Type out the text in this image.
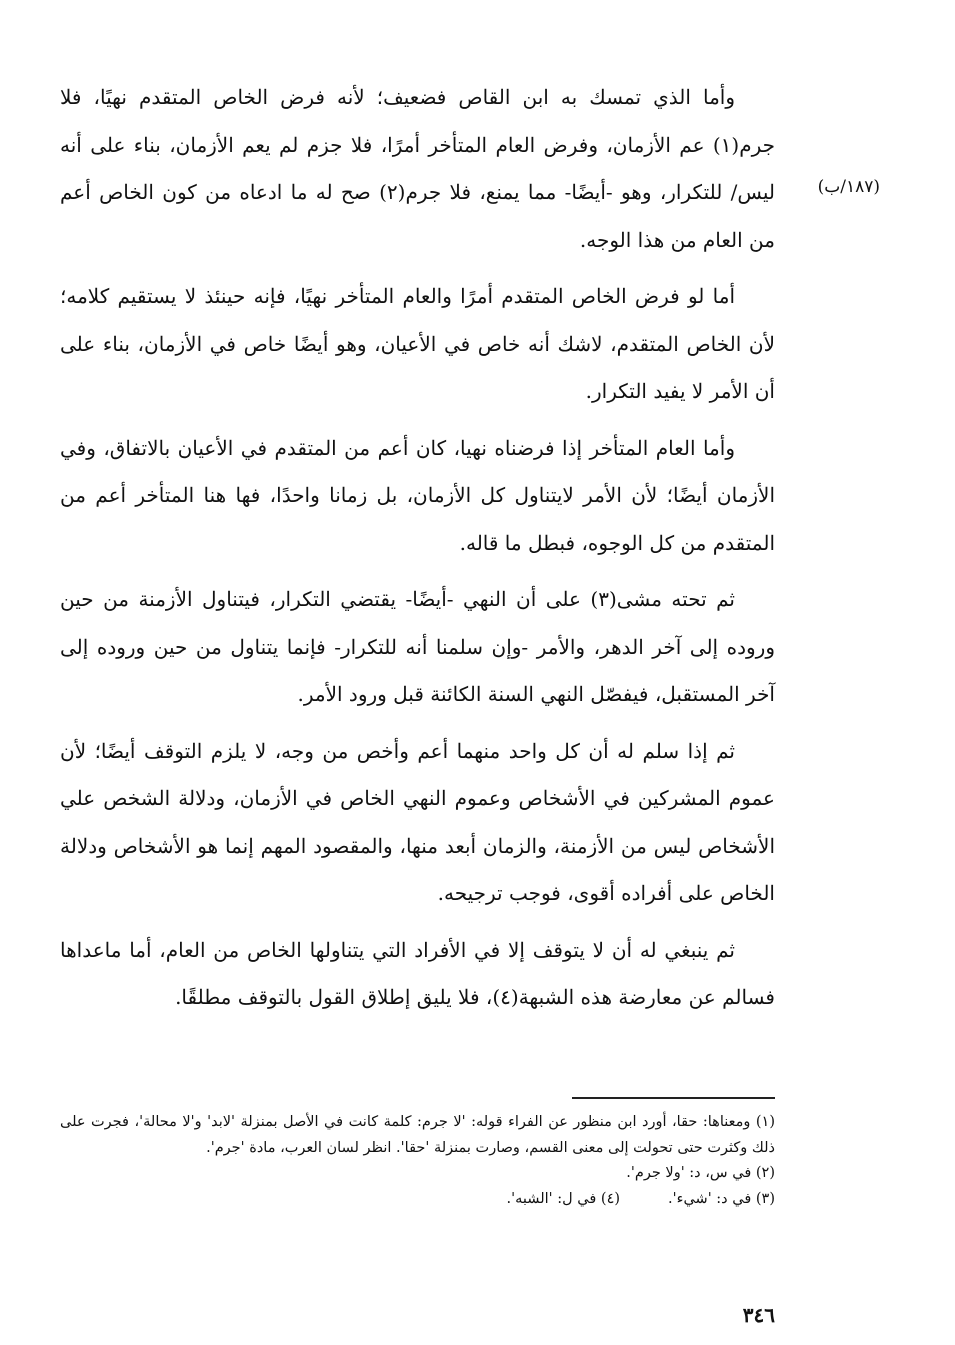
(١٨٧/ب)

وأما الذي تمسك به ابن القاص فضعيف؛ لأنه فرض الخاص المتقدم نهيًا، فلا جرم(١) عم الأزمان، وفرض العام المتأخر أمرًا، فلا جزم لم يعم الأزمان، بناء على أنه ليس/ للتكرار، وهو -أيضًا- مما يمنع، فلا جرم(٢) صح له ما ادعاه من كون الخاص أعم من العام من هذا الوجه.

أما لو فرض الخاص المتقدم أمرًا والعام المتأخر نهيًا، فإنه حينئذ لا يستقيم كلامه؛ لأن الخاص المتقدم، لاشك أنه خاص في الأعيان، وهو أيضًا خاص في الأزمان، بناء على أن الأمر لا يفيد التكرار.

وأما العام المتأخر إذا فرضناه نهيا، كان أعم من المتقدم في الأعيان بالاتفاق، وفي الأزمان أيضًا؛ لأن الأمر لايتناول كل الأزمان، بل زمانا واحدًا، فها هنا المتأخر أعم من المتقدم من كل الوجوه، فبطل ما قاله.

ثم تحته مشى(٣) على أن النهي -أيضًا- يقتضي التكرار، فيتناول الأزمنة من حين وروده إلى آخر الدهر، والأمر -وإن سلمنا أنه للتكرار- فإنما يتناول من حين وروده إلى آخر المستقبل، فيفصّل النهي السنة الكائنة قبل ورود الأمر.

ثم إذا سلم له أن كل واحد منهما أعم وأخص من وجه، لا يلزم التوقف أيضًا؛ لأن عموم المشركين في الأشخاص وعموم النهي الخاص في الأزمان، ودلالة الشخص علي الأشخاص ليس من الأزمنة، والزمان أبعد منها، والمقصود المهم إنما هو الأشخاص ودلالة الخاص على أفراده أقوى، فوجب ترجيحه.

ثم ينبغي له أن لا يتوقف إلا في الأفراد التي يتناولها الخاص من العام، أما ماعداها فسالم عن معارضة هذه الشبهة(٤)، فلا يليق إطلاق القول بالتوقف مطلقًا.

(١) ومعناها: حقا، أورد ابن منظور عن الفراء قوله: 'لا جرم: كلمة كانت في الأصل بمنزلة 'لابد' و'لا محالة'، فجرت على ذلك وكثرت حتى تحولت إلى معنى القسم، وصارت بمنزلة 'حقا'. انظر لسان العرب، مادة 'جرم'.

(٢) في س، د: 'ولا جرم'.

(٣) في د: 'شيء'.
(٤) في ل: 'الشبه'.
٣٤٦
